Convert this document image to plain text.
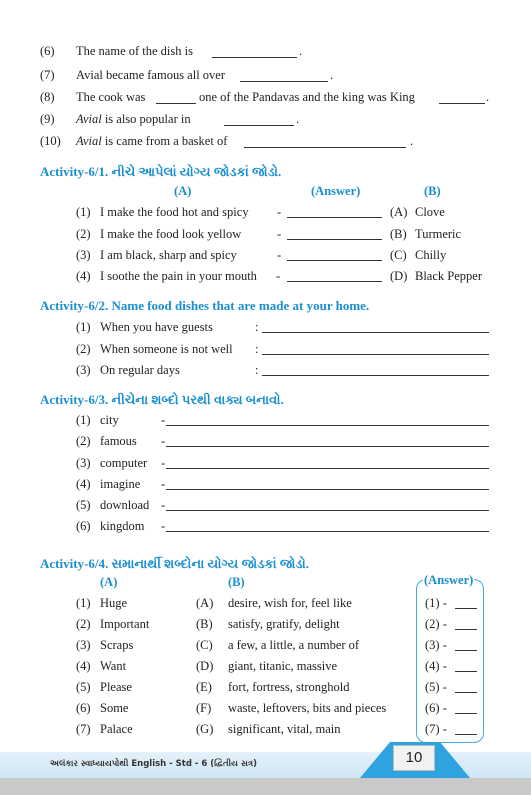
(6) The name of the dish is	.
(7) Avial became famous all over	.
(8) The cook was	one of the Pandavas and the king was King	.
(9) Avial is also popular in	.
(10) Avial is came from a basket of	.
Activity-6/1. નીચે આપેલાં યોગ્ય જોડકાં જોડો.
(A)	(Answer)	(B)
(1) I make the food hot and spicy -	(A) Clove
(2) I make the food look yellow	-	(B) Turmeric
(3) I am black, sharp and spicy	-	(C) Chilly
(4) I soothe the pain in your mouth -	(D) Black Pepper
Activity-6/2. Name food dishes that are made at your home.
(1) When you have guests	:
(2) When someone is not well :
(3) On regular days	:
Activity-6/3. નીચેના શબ્દો પરથી વાક્ય બનાવો.
(1) city	-
(2) famous -
(3) computer -
(4) imagine -
(5) download -
(6) kingdom -
Activity-6/4. સમાનાર્થી શબ્દોના યોગ્ય જોડકાં જોડો.
(A)	(B)	(Answer)
(1) Huge	(A) desire, wish for, feel like	(1) -
(2) Important	(B) satisfy, gratify, delight	(2) -
(3) Scraps	(C) a few, a little, a number of	(3) -
(4) Want	(D) giant, titanic, massive	(4) -
(5) Please	(E) fort, fortress, stronghold	(5) -
(6) Some	(F) waste, leftovers, bits and pieces	(6) -
(7) Palace	(G) significant, vital, main	(7) -
10
અલંકાર સ્વાધ્યાયપોથી English - Std - 6 (દ્વિતીય સત્ર)
